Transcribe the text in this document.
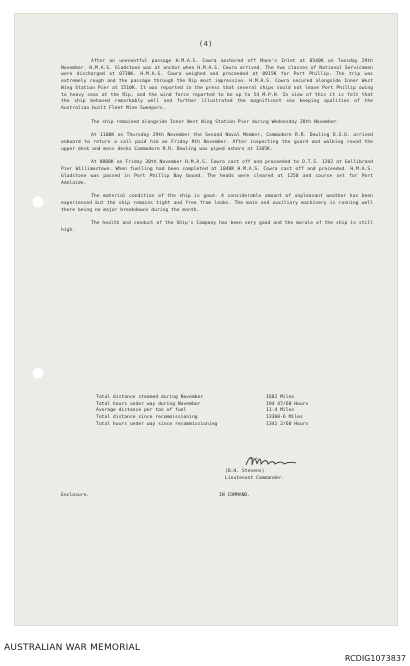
(4)

After an uneventful passage H.M.A.S. Cowra anchored off Mann's Inlet at 0540K on Tuesday 29th November. H.M.A.S. Gladstone was at anchor when H.M.A.S. Cowra arrived. The two classes of National Servicemen were discharged at 0730K. H.M.A.S. Cowra weighed and proceeded at 0915K for Port Phillip. The trip was extremely rough and the passage through the Rip most impressive. H.M.A.S. Cowra secured alongside Inner West Wing Station Pier at 1510K. It was reported in the press that several ships could not leave Port Phillip owing to heavy seas at the Rip, and the wind force reported to be up to 54 M.P.H. In view of this it is felt that the ship behaved remarkably well and further illustrated the magnificent sea keeping qualities of the Australian built Fleet Mine Sweepers.

The ship remained alongside Inner West Wing Station Pier during Wednesday 28th November.

At 1100K on Thursday 29th November the Second Naval Member, Commodore R.R. Dowling D.S.O. arrived onboard to return a call paid him on Friday 9th November. After inspecting the guard and walking round the upper deck and mess decks Commodore R.R. Dowling was piped ashore at 1105K.

At 0800K on Friday 30th November H.M.A.S. Cowra cast off and proceeded to O.T.S. 1202 at Gellibrand Pier Williamstown. When fuelling had been completed at 1040K H.M.A.S. Cowra cast off and proceeded. H.M.A.S. Gladstone was passed in Port Phillip Bay bound. The heads were cleared at 1250 and course set for Port Adelaide.

The material condition of the ship is good. A considerable amount of unpleasant weather has been experienced but the ship remains tight and free from leaks. The main and auxiliary machinery is running well there being no major breakdowns during the month.

The health and conduct of the Ship's Company has been very good and the morale of the ship is still high.

Total distance steamed during November	1682 Miles
Total hours under way during November	194 47/60 Hours
Average distance per ton of fuel	11-4 Miles
Total distance since recommissioning	13360-6 Miles
Total hours under way since recommissioning	1341 2/60 Hours
(D.H. Stevens)
Lieutenant Commander.
Enclosure.	IN COMMAND.
AUSTRALIAN WAR MEMORIAL
RCDIG1073837
